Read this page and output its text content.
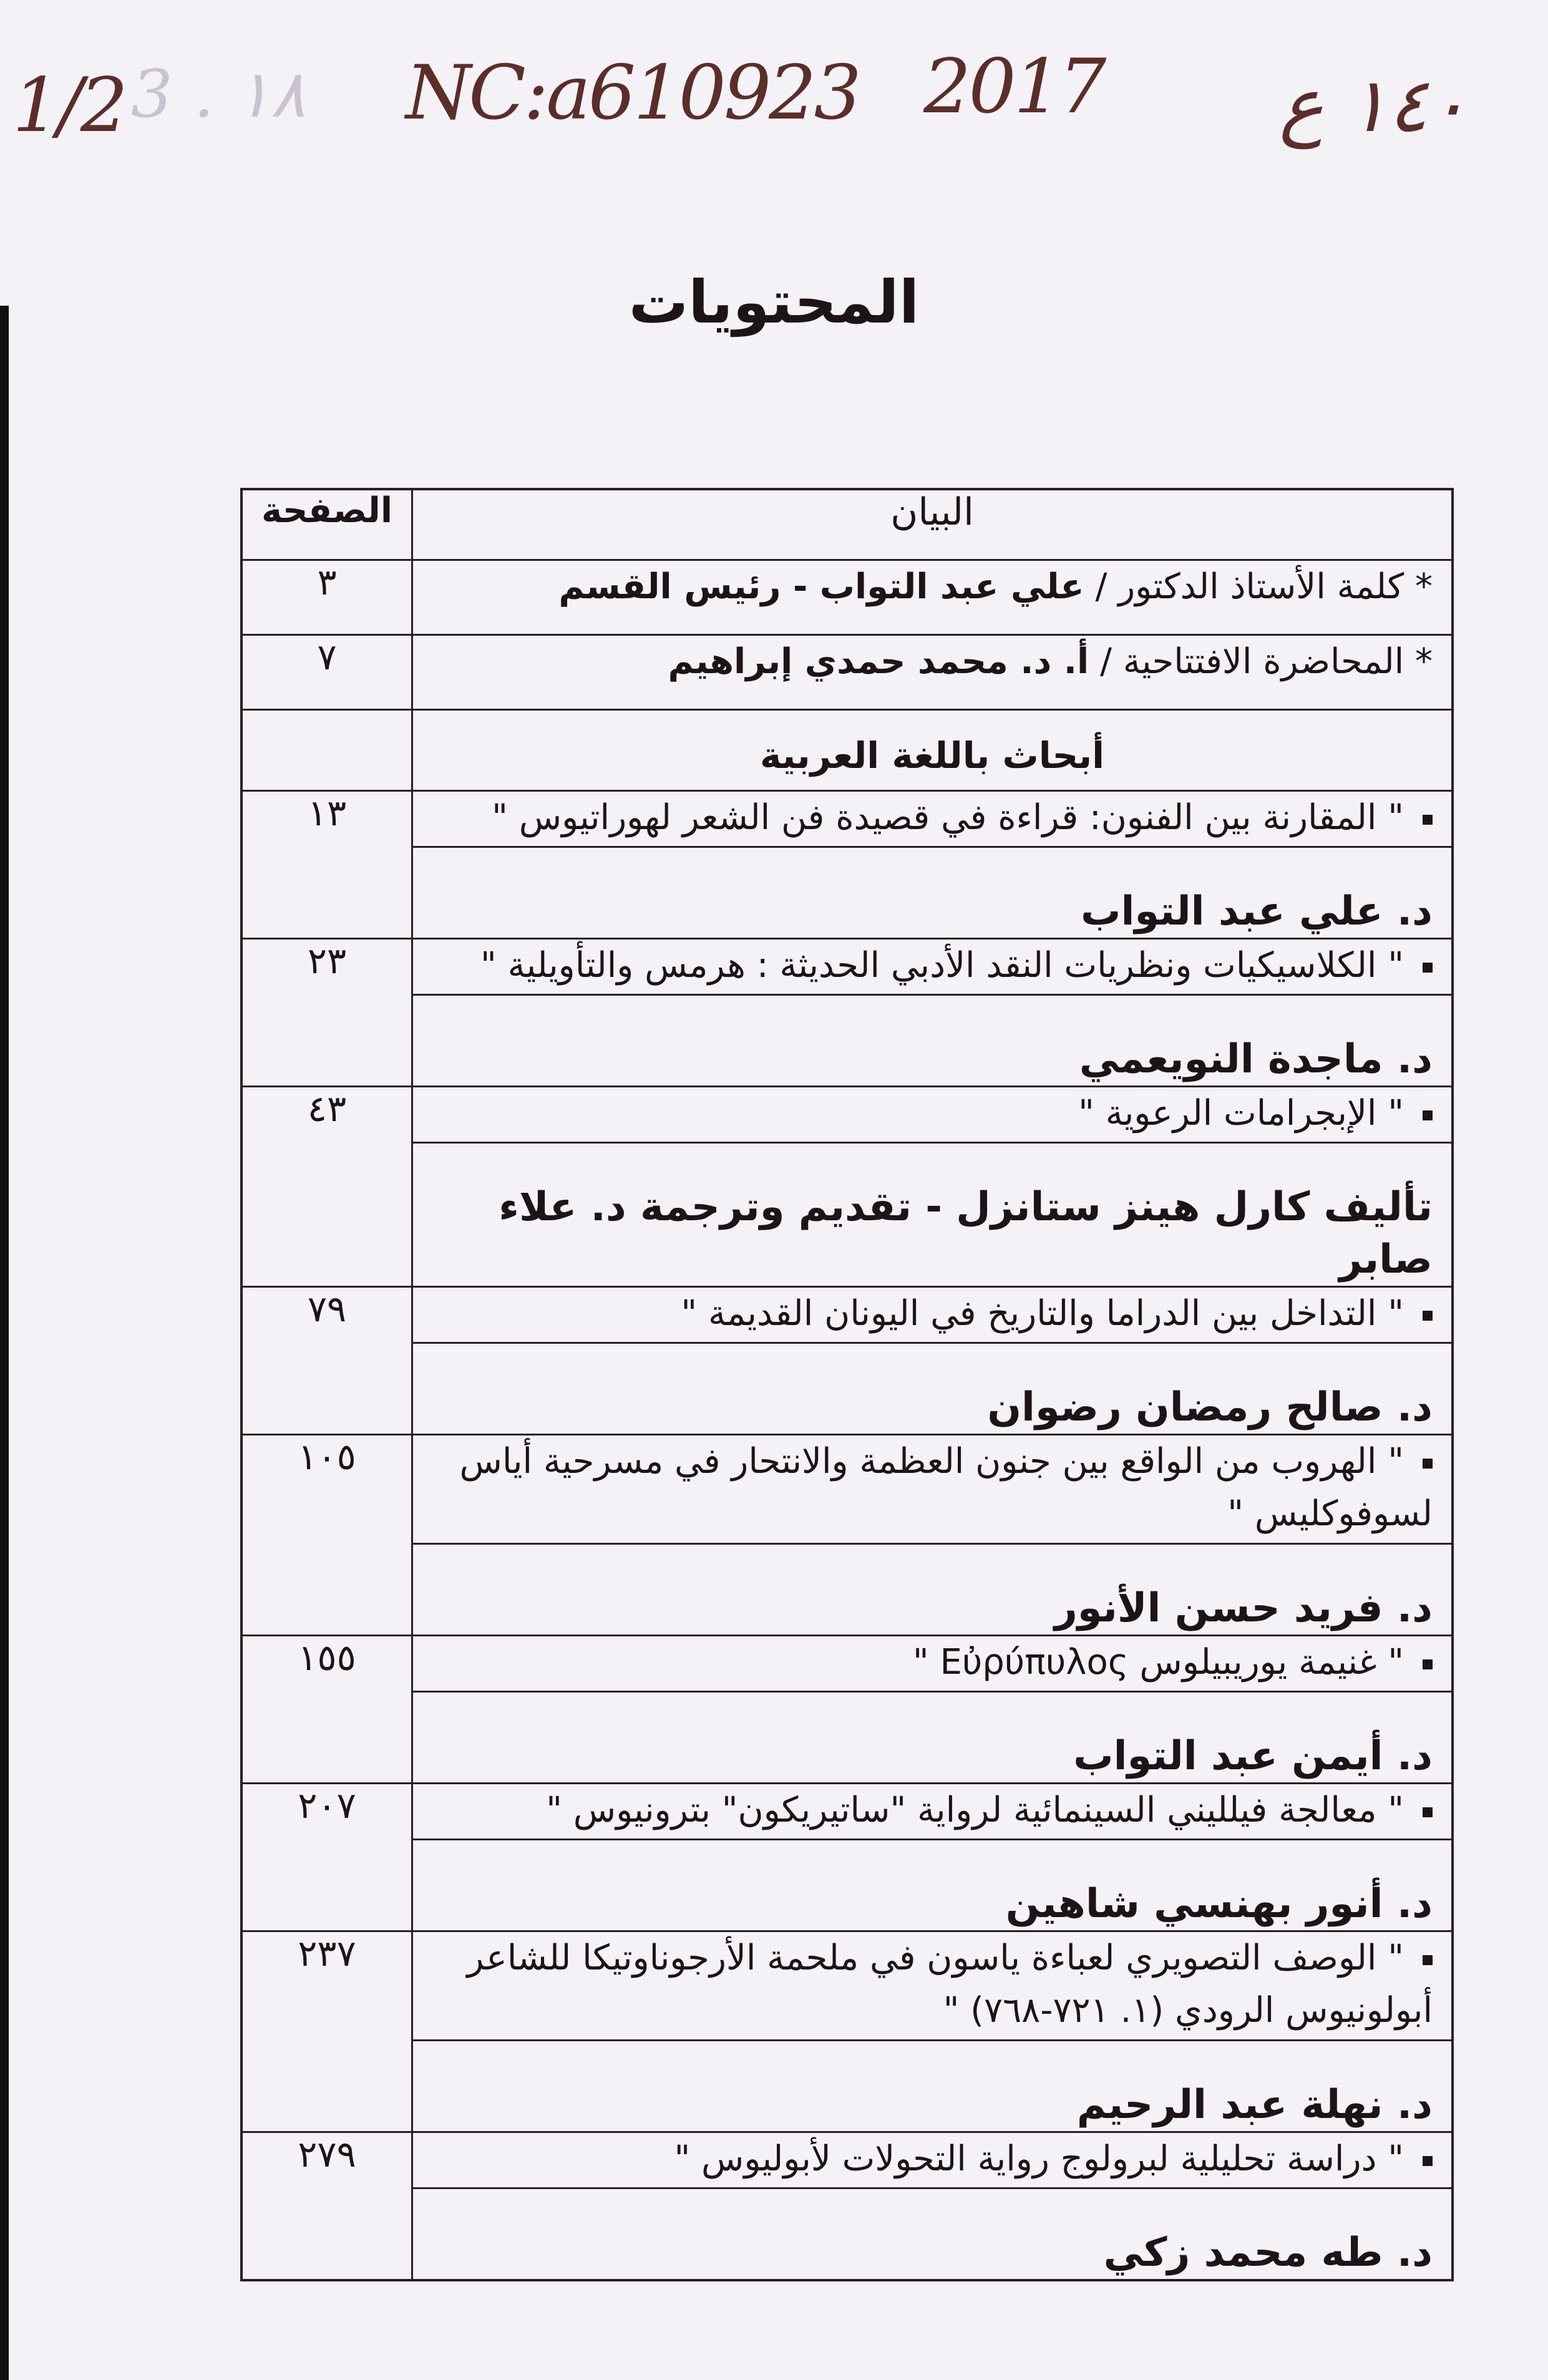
1/2 3 . ١٨ NC:a610923 2017 ١٤٠ ع
المحتويات
البيان	الصفحة
* كلمة الأستاذ الدكتور / علي عبد التواب - رئيس القسم	٣
* المحاضرة الافتتاحية / أ. د. محمد حمدي إبراهيم	٧
أبحاث باللغة العربية	
" المقارنة بين الفنون: قراءة في قصيدة فن الشعر لهوراتيوس "	١٣
د. علي عبد التواب	
" الكلاسيكيات ونظريات النقد الأدبي الحديثة : هرمس والتأويلية "	٢٣
د. ماجدة النويعمي	
" الإبجرامات الرعوية "	٤٣
تأليف كارل هينز ستانزل - تقديم وترجمة د. علاء صابر	
" التداخل بين الدراما والتاريخ في اليونان القديمة "	٧٩
د. صالح رمضان رضوان	
" الهروب من الواقع بين جنون العظمة والانتحار في مسرحية أياس لسوفوكليس "	١٠٥
د. فريد حسن الأنور	
" غنيمة يوريبيلوس Εὐρύπυλος "	١٥٥
د. أيمن عبد التواب	
" معالجة فيلليني السينمائية لرواية "ساتيريكون" بترونيوس "	٢٠٧
د. أنور بهنسي شاهين	
" الوصف التصويري لعباءة ياسون في ملحمة الأرجوناوتيكا للشاعر أبولونيوس الرودي (١. ٧٢١-٧٦٨) "	٢٣٧
د. نهلة عبد الرحيم	
" دراسة تحليلية لبرولوج رواية التحولات لأبوليوس "	٢٧٩
د. طه محمد زكي	
